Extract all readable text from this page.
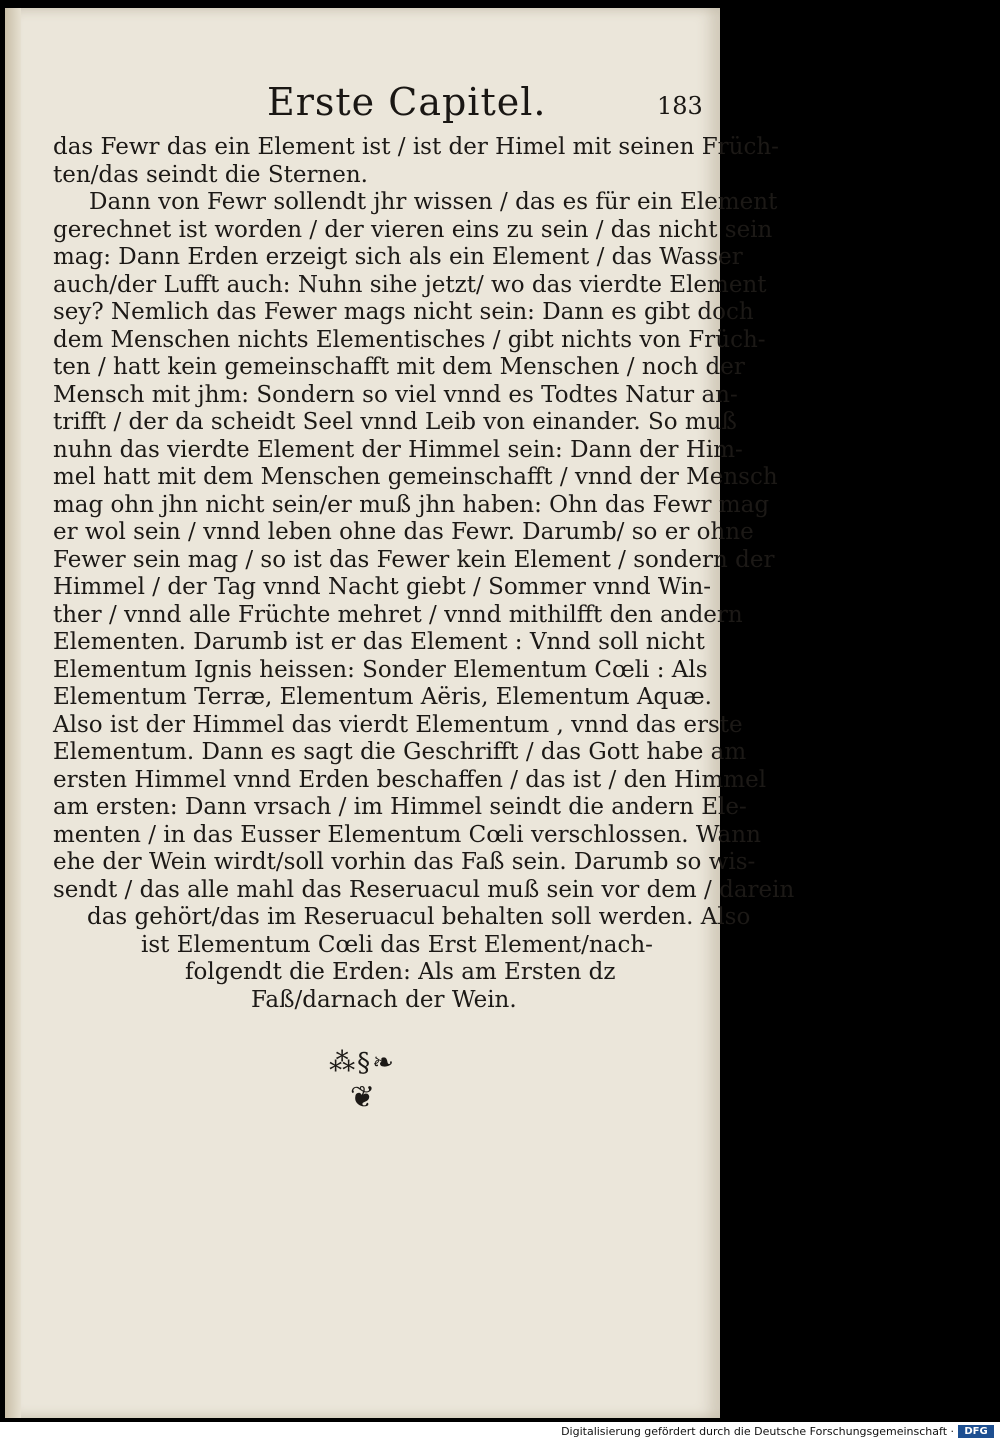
Erste Capitel.	183
das Fewr das ein Element ist / ist der Himel mit seinen Früch-
ten/das seindt die Sternen.
Dann von Fewr sollendt jhr wissen / das es für ein Element
gerechnet ist worden / der vieren eins zu sein / das nicht sein
mag: Dann Erden erzeigt sich als ein Element / das Wasser
auch/der Lufft auch: Nuhn sihe jetzt/ wo das vierdte Element
sey? Nemlich das Fewer mags nicht sein: Dann es gibt doch
dem Menschen nichts Elementisches / gibt nichts von Früch-
ten / hatt kein gemeinschafft mit dem Menschen / noch der
Mensch mit jhm: Sondern so viel vnnd es Todtes Natur an-
trifft / der da scheidt Seel vnnd Leib von einander. So muß
nuhn das vierdte Element der Himmel sein: Dann der Him-
mel hatt mit dem Menschen gemeinschafft / vnnd der Mensch
mag ohn jhn nicht sein/er muß jhn haben: Ohn das Fewr mag
er wol sein / vnnd leben ohne das Fewr. Darumb/ so er ohne
Fewer sein mag / so ist das Fewer kein Element / sondern der
Himmel / der Tag vnnd Nacht giebt / Sommer vnnd Win-
ther / vnnd alle Früchte mehret / vnnd mithilfft den andern
Elementen. Darumb ist er das Element : Vnnd soll nicht
Elementum Ignis heissen: Sonder Elementum Cœli : Als
Elementum Terræ, Elementum Aëris, Elementum Aquæ.
Also ist der Himmel das vierdt Elementum , vnnd das erste
Elementum. Dann es sagt die Geschrifft / das Gott habe am
ersten Himmel vnnd Erden beschaffen / das ist / den Himmel
am ersten: Dann vrsach / im Himmel seindt die andern Ele-
menten / in das Eusser Elementum Cœli verschlossen. Wann
ehe der Wein wirdt/soll vorhin das Faß sein. Darumb so wis-
sendt / das alle mahl das Reseruacul muß sein vor dem / darein
das gehört/das im Reseruacul behalten soll werden. Also
ist Elementum Cœli das Erst Element/nach-
folgendt die Erden: Als am Ersten dz
Faß/darnach der Wein.
⁂§❧
❦
Digitalisierung gefördert durch die Deutsche Forschungsgemeinschaft ·	DFG
